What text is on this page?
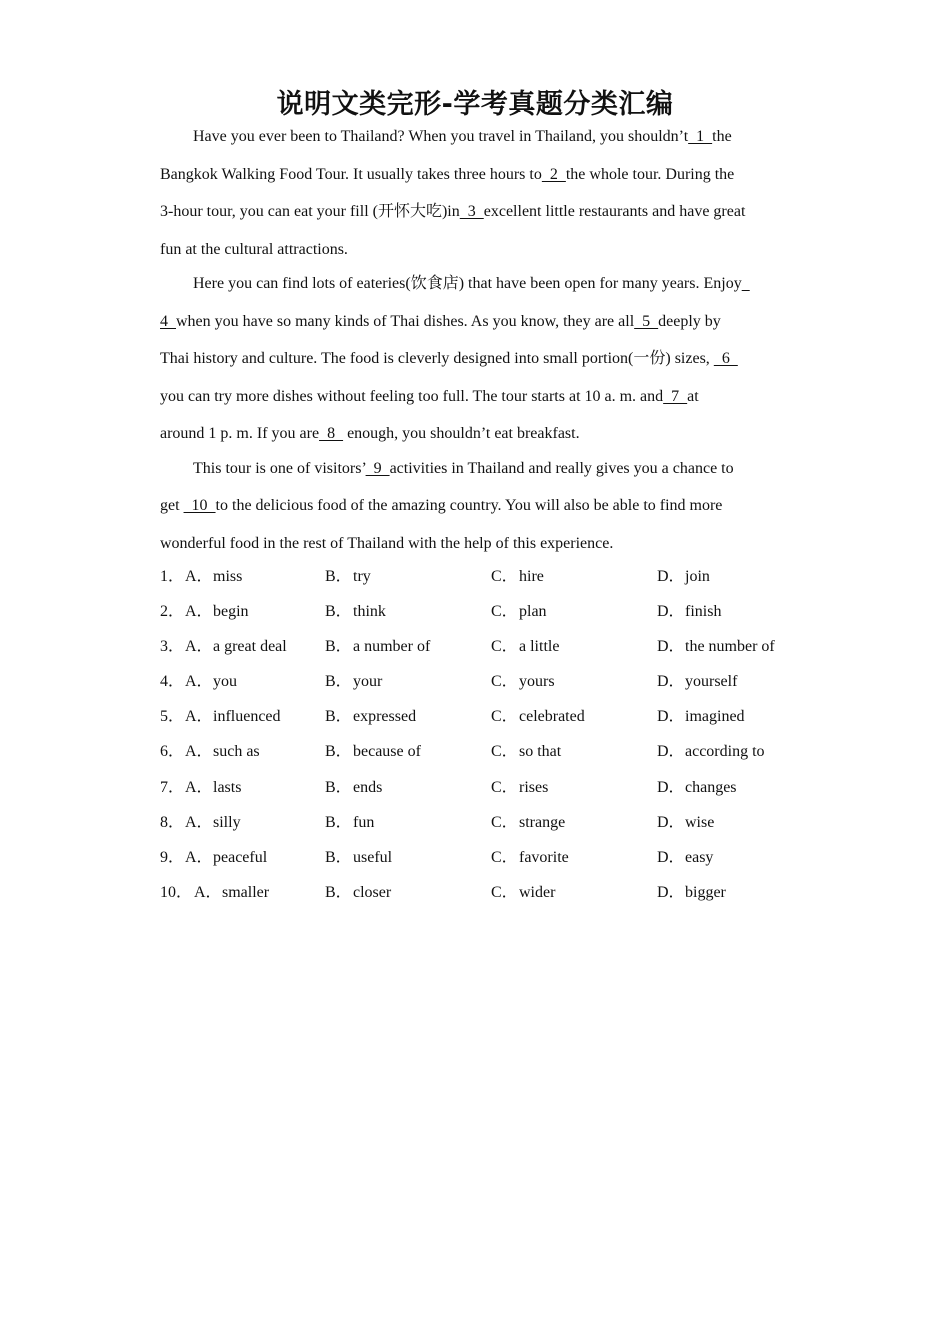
说明文类完形-学考真题分类汇编
Have you ever been to Thailand? When you travel in Thailand, you shouldn’t  1  the
Bangkok Walking Food Tour. It usually takes three hours to  2  the whole tour. During the
3-hour tour, you can eat your fill (开怀大吃)in  3  excellent little restaurants and have great
fun at the cultural attractions.
Here you can find lots of eateries(饮食店) that have been open for many years. Enjoy
4  when you have so many kinds of Thai dishes. As you know, they are all  5  deeply by
Thai history and culture. The food is cleverly designed into small portion(一份) sizes,   6
you can try more dishes without feeling too full. The tour starts at 10 a. m. and  7  at
around 1 p. m. If you are  8   enough, you shouldn’t eat breakfast.
This tour is one of visitors’  9  activities in Thailand and really gives you a chance to
get   10  to the delicious food of the amazing country. You will also be able to find more
wonderful food in the rest of Thailand with the help of this experience.
1． A．miss	B．try	C．hire	D．join
2． A．begin	B．think	C．plan	D．finish
3． A．a great deal B．a number of	C．a little	D．the number of
4． A．you	B．your	C．yours	D．yourself
5． A．influenced	B．expressed	C．celebrated	D．imagined
6． A．such as	B．because of	C．so that	D．according to
7． A．lasts	B．ends	C．rises	D．changes
8． A．silly	B．fun	C．strange	D．wise
9． A．peaceful	B．useful	C．favorite	D．easy
10． A．smaller	B．closer	C．wider	D．bigger
